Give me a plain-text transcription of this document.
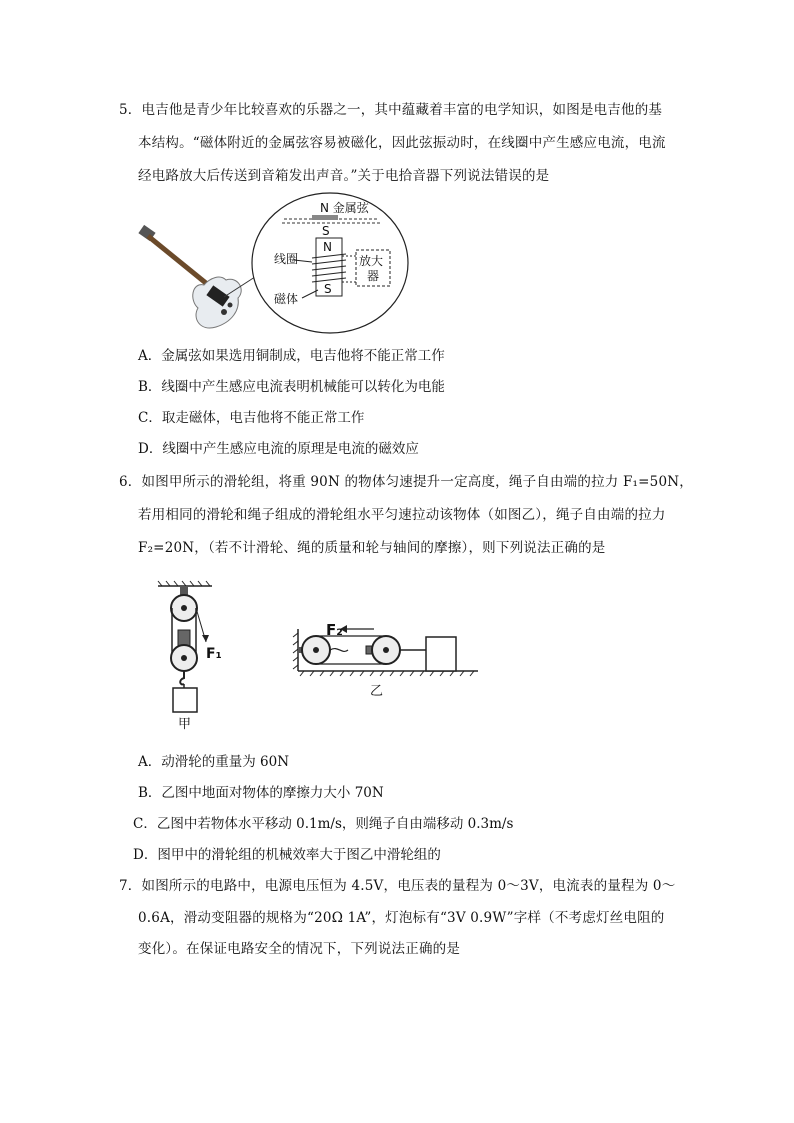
5．电吉他是青少年比较喜欢的乐器之一，其中蕴藏着丰富的电学知识，如图是电吉他的基
本结构。“磁体附近的金属弦容易被磁化，因此弦振动时，在线圈中产生感应电流，电流
经电路放大后传送到音箱发出声音。”关于电拾音器下列说法错误的是
N 金属弦
S
N
S
线圈	放大
器
磁体
A．金属弦如果选用铜制成，电吉他将不能正常工作
B．线圈中产生感应电流表明机械能可以转化为电能
C．取走磁体，电吉他将不能正常工作
D．线圈中产生感应电流的原理是电流的磁效应
6．如图甲所示的滑轮组，将重 90N 的物体匀速提升一定高度，绳子自由端的拉力 F₁=50N，
若用相同的滑轮和绳子组成的滑轮组水平匀速拉动该物体（如图乙），绳子自由端的拉力
F₂=20N，（若不计滑轮、绳的质量和轮与轴间的摩擦），则下列说法正确的是
F₁
甲
F₂
乙
A．动滑轮的重量为 60N
B．乙图中地面对物体的摩擦力大小 70N
C．乙图中若物体水平移动 0.1m/s，则绳子自由端移动 0.3m/s
D．图甲中的滑轮组的机械效率大于图乙中滑轮组的
7．如图所示的电路中，电源电压恒为 4.5V，电压表的量程为 0～3V，电流表的量程为 0～
0.6A，滑动变阻器的规格为“20Ω 1A”，灯泡标有“3V 0.9W”字样（不考虑灯丝电阻的
变化）。在保证电路安全的情况下，下列说法正确的是
